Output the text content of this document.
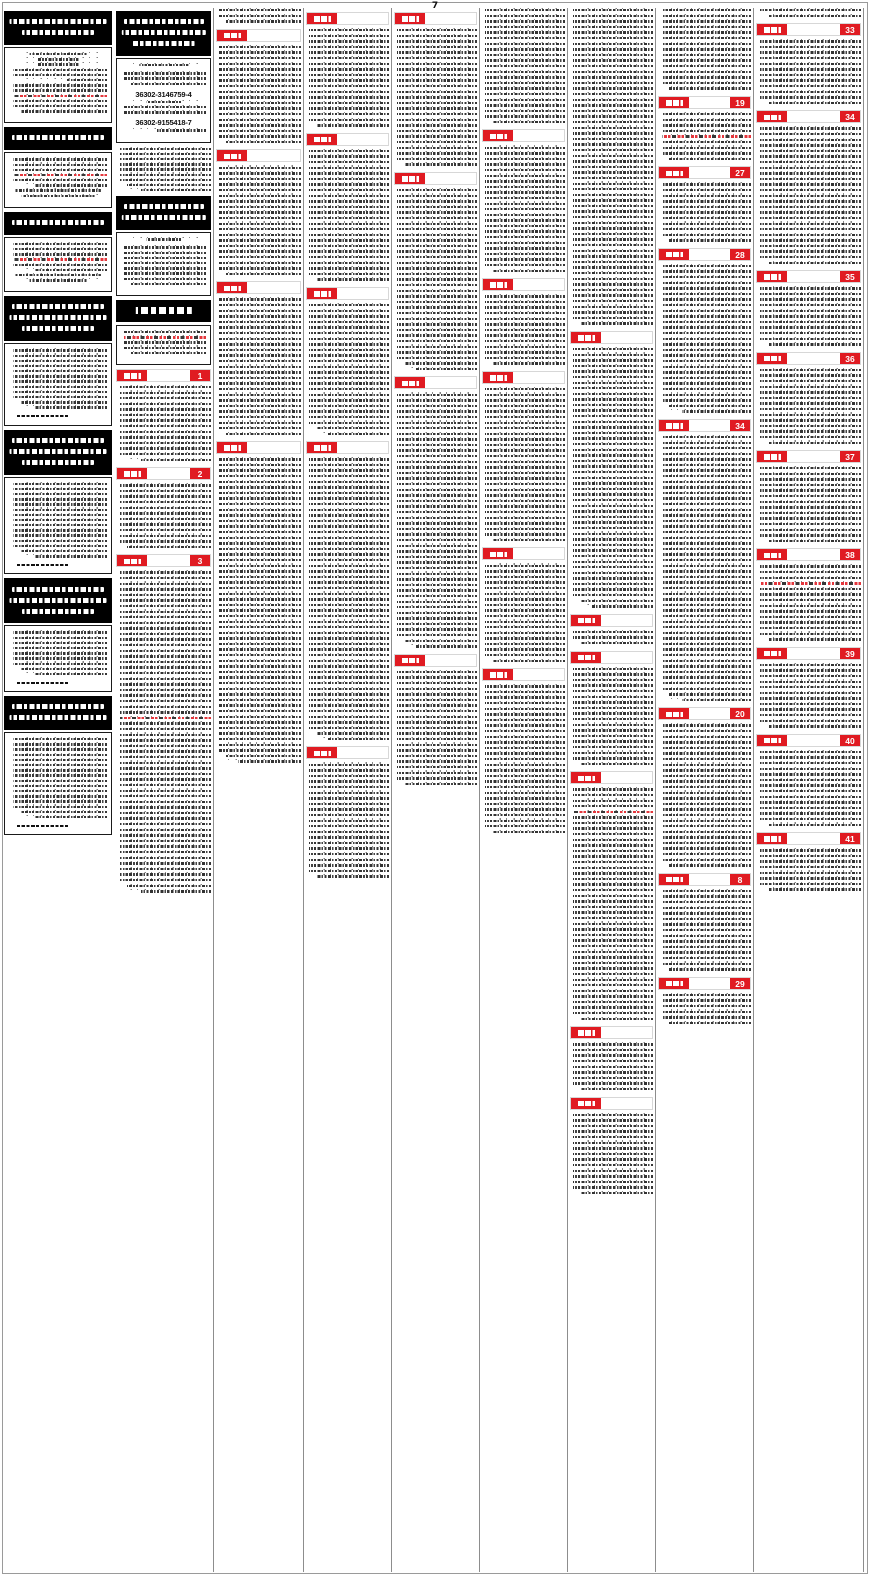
7
36302-3146759-4
36302-9155418-7
1
2
3
19
27
28
34
20
8
29
33
34
35
36
37
38
39
40
41
